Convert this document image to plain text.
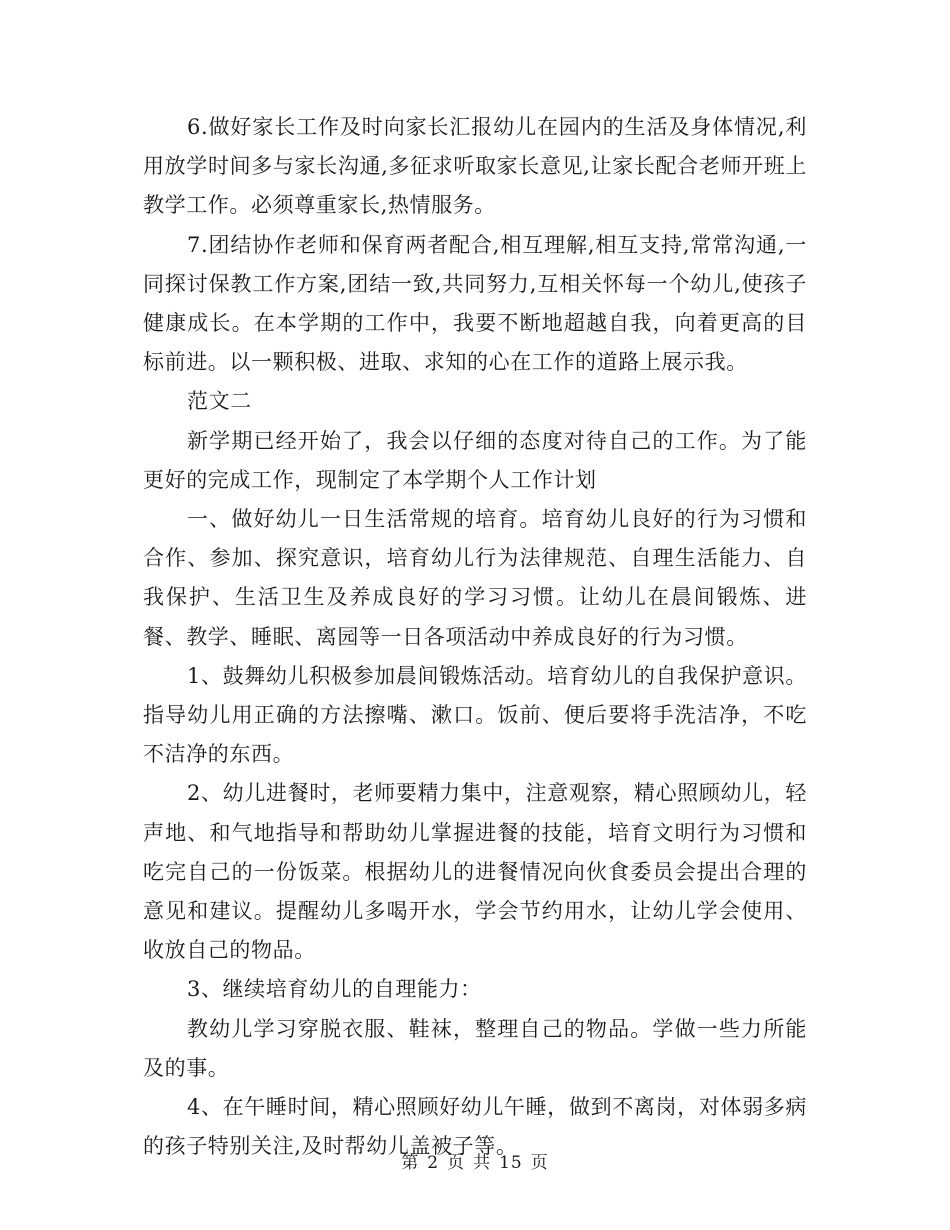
6.做好家长工作及时向家长汇报幼儿在园内的生活及身体情况,利用放学时间多与家长沟通,多征求听取家长意见,让家长配合老师开班上教学工作。必须尊重家长,热情服务。

7.团结协作老师和保育两者配合,相互理解,相互支持,常常沟通,一同探讨保教工作方案,团结一致,共同努力,互相关怀每一个幼儿,使孩子健康成长。在本学期的工作中，我要不断地超越自我，向着更高的目标前进。以一颗积极、进取、求知的心在工作的道路上展示我。

范文二

新学期已经开始了，我会以仔细的态度对待自己的工作。为了能更好的完成工作，现制定了本学期个人工作计划

一、做好幼儿一日生活常规的培育。培育幼儿良好的行为习惯和合作、参加、探究意识，培育幼儿行为法律规范、自理生活能力、自我保护、生活卫生及养成良好的学习习惯。让幼儿在晨间锻炼、进餐、教学、睡眠、离园等一日各项活动中养成良好的行为习惯。

1、鼓舞幼儿积极参加晨间锻炼活动。培育幼儿的自我保护意识。指导幼儿用正确的方法擦嘴、漱口。饭前、便后要将手洗洁净，不吃不洁净的东西。

2、幼儿进餐时，老师要精力集中，注意观察，精心照顾幼儿，轻声地、和气地指导和帮助幼儿掌握进餐的技能，培育文明行为习惯和吃完自己的一份饭菜。根据幼儿的进餐情况向伙食委员会提出合理的意见和建议。提醒幼儿多喝开水，学会节约用水，让幼儿学会使用、收放自己的物品。

3、继续培育幼儿的自理能力：

教幼儿学习穿脱衣服、鞋袜，整理自己的物品。学做一些力所能及的事。

4、在午睡时间，精心照顾好幼儿午睡，做到不离岗，对体弱多病的孩子特别关注,及时帮幼儿盖被子等。

第 2 页 共 15 页
